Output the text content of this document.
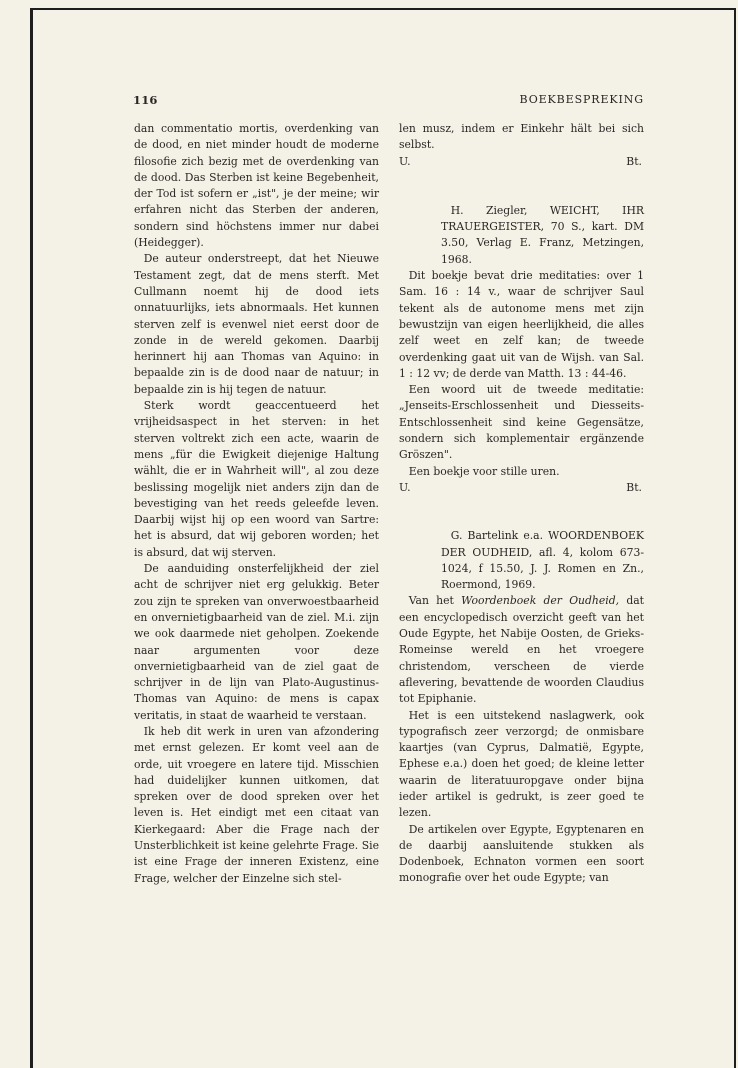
116	BOEKBESPREKING

dan commentatio mortis, overdenking van de dood, en niet minder houdt de moderne filosofie zich bezig met de overdenking van de dood. Das Sterben ist keine Begebenheit, der Tod ist sofern er „ist", je der meine; wir erfahren nicht das Sterben der anderen, sondern sind höchstens immer nur dabei (Heidegger).

De auteur onderstreept, dat het Nieuwe Testament zegt, dat de mens sterft. Met Cullmann noemt hij de dood iets onnatuurlijks, iets abnormaals. Het kunnen sterven zelf is evenwel niet eerst door de zonde in de wereld gekomen. Daarbij herinnert hij aan Thomas van Aquino: in bepaalde zin is de dood naar de natuur; in bepaalde zin is hij tegen de natuur.

Sterk wordt geaccentueerd het vrijheidsaspect in het sterven: in het sterven voltrekt zich een acte, waarin de mens „für die Ewigkeit diejenige Haltung wählt, die er in Wahrheit will", al zou deze beslissing mogelijk niet anders zijn dan de bevestiging van het reeds geleefde leven. Daarbij wijst hij op een woord van Sartre: het is absurd, dat wij geboren worden; het is absurd, dat wij sterven.

De aanduiding onsterfelijkheid der ziel acht de schrijver niet erg gelukkig. Beter zou zijn te spreken van onverwoestbaarheid en onvernietigbaarheid van de ziel. M.i. zijn we ook daarmede niet geholpen. Zoekende naar argumenten voor deze onvernietigbaarheid van de ziel gaat de schrijver in de lijn van Plato-Augustinus-Thomas van Aquino: de mens is capax veritatis, in staat de waarheid te verstaan.

Ik heb dit werk in uren van afzondering met ernst gelezen. Er komt veel aan de orde, uit vroegere en latere tijd. Misschien had duidelijker kunnen uitkomen, dat spreken over de dood spreken over het leven is. Het eindigt met een citaat van Kierkegaard: Aber die Frage nach der Unsterblichkeit ist keine gelehrte Frage. Sie ist eine Frage der inneren Existenz, eine Frage, welcher der Einzelne sich stel-

len musz, indem er Einkehr hält bei sich selbst.

U.	Bt.

H. Ziegler, WEICHT, IHR TRAUERGEISTER, 70 S., kart. DM 3.50, Verlag E. Franz, Metzingen, 1968.

Dit boekje bevat drie meditaties: over 1 Sam. 16 : 14 v., waar de schrijver Saul tekent als de autonome mens met zijn bewustzijn van eigen heerlijkheid, die alles zelf weet en zelf kan; de tweede overdenking gaat uit van de Wijsh. van Sal. 1 : 12 vv; de derde van Matth. 13 : 44-46.

Een woord uit de tweede meditatie: „Jenseits-Erschlossenheit und Diesseits-Entschlossenheit sind keine Gegensätze, sondern sich komplementair ergänzende Gröszen".

Een boekje voor stille uren.

U.	Bt.

G. Bartelink e.a. WOORDENBOEK DER OUDHEID, afl. 4, kolom 673-1024, f 15.50, J. J. Romen en Zn., Roermond, 1969.

Van het Woordenboek der Oudheid, dat een encyclopedisch overzicht geeft van het Oude Egypte, het Nabije Oosten, de Grieks-Romeinse wereld en het vroegere christendom, verscheen de vierde aflevering, bevattende de woorden Claudius tot Epiphanie.

Het is een uitstekend naslagwerk, ook typografisch zeer verzorgd; de onmisbare kaartjes (van Cyprus, Dalmatië, Egypte, Ephese e.a.) doen het goed; de kleine letter waarin de literatuuropgave onder bijna ieder artikel is gedrukt, is zeer goed te lezen.

De artikelen over Egypte, Egyptenaren en de daarbij aansluitende stukken als Dodenboek, Echnaton vormen een soort monografie over het oude Egypte; van
